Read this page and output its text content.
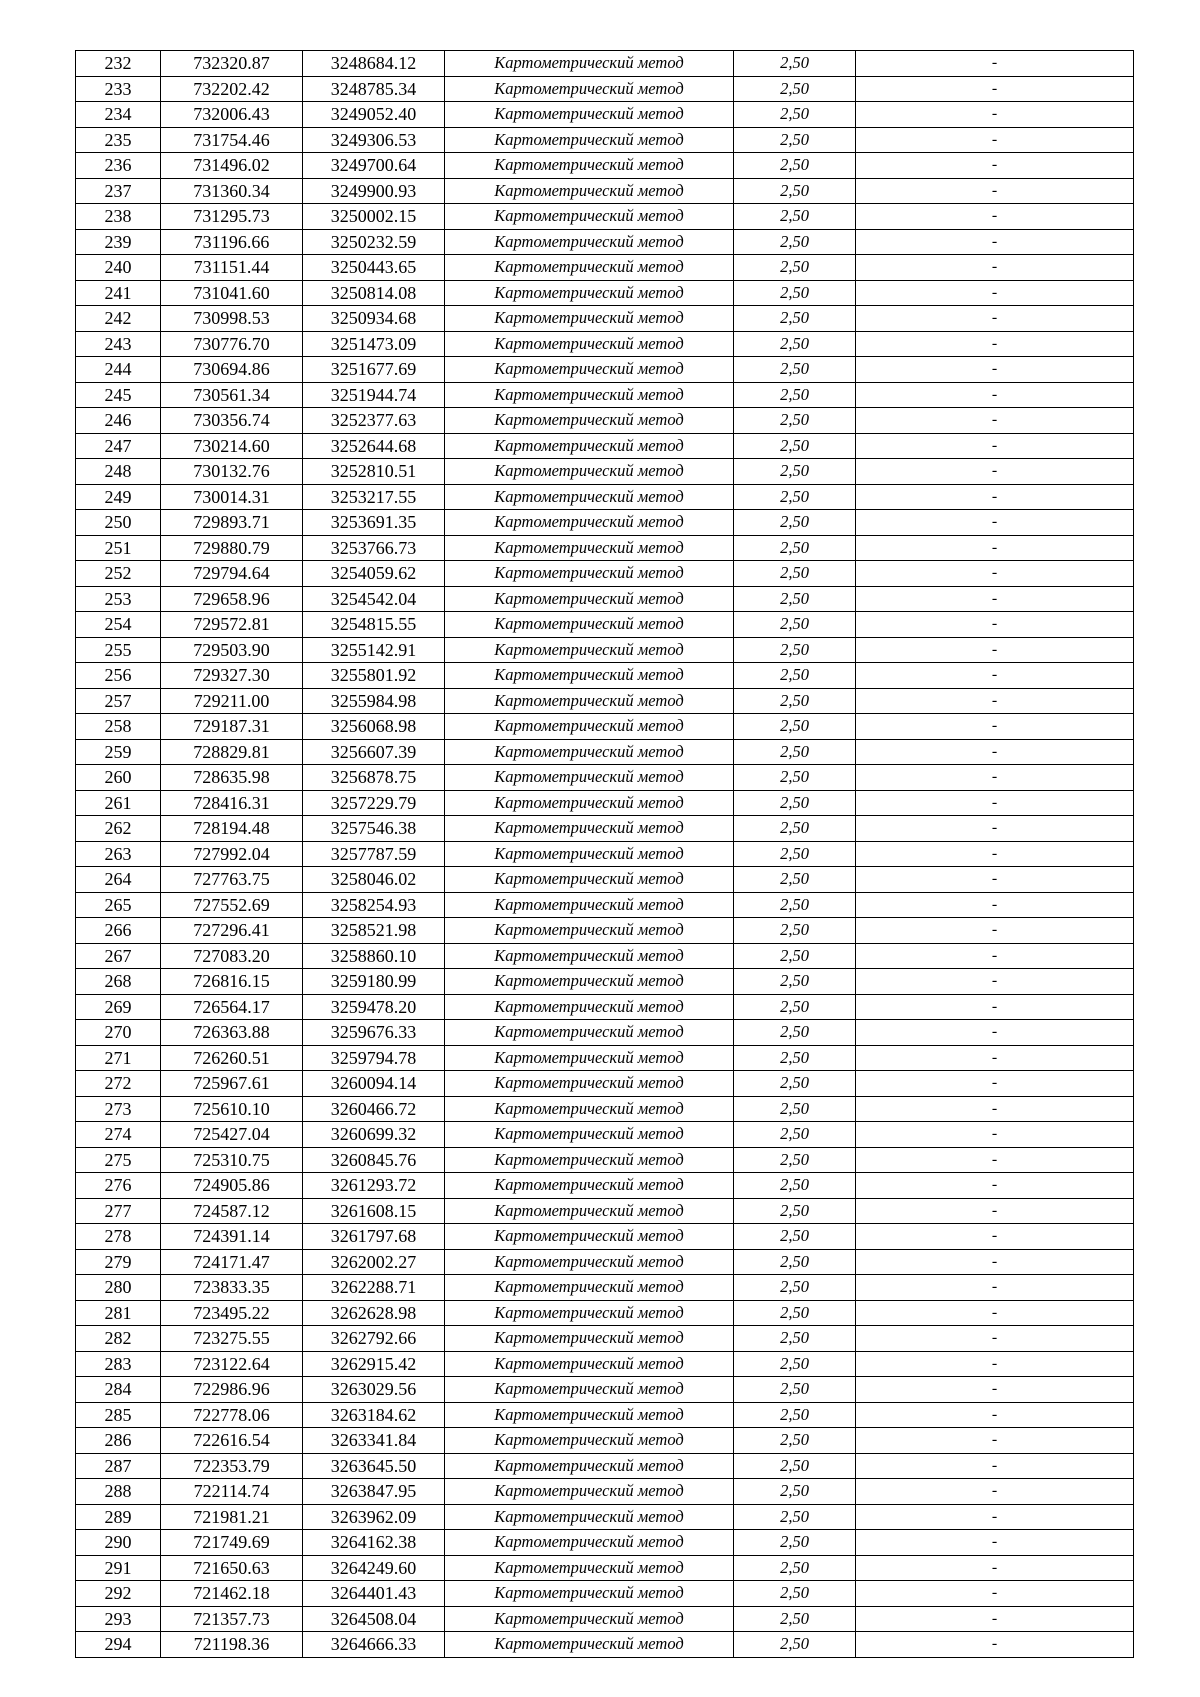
232	732320.87	3248684.12	Картометрический метод	2,50	-
233	732202.42	3248785.34	Картометрический метод	2,50	-
234	732006.43	3249052.40	Картометрический метод	2,50	-
235	731754.46	3249306.53	Картометрический метод	2,50	-
236	731496.02	3249700.64	Картометрический метод	2,50	-
237	731360.34	3249900.93	Картометрический метод	2,50	-
238	731295.73	3250002.15	Картометрический метод	2,50	-
239	731196.66	3250232.59	Картометрический метод	2,50	-
240	731151.44	3250443.65	Картометрический метод	2,50	-
241	731041.60	3250814.08	Картометрический метод	2,50	-
242	730998.53	3250934.68	Картометрический метод	2,50	-
243	730776.70	3251473.09	Картометрический метод	2,50	-
244	730694.86	3251677.69	Картометрический метод	2,50	-
245	730561.34	3251944.74	Картометрический метод	2,50	-
246	730356.74	3252377.63	Картометрический метод	2,50	-
247	730214.60	3252644.68	Картометрический метод	2,50	-
248	730132.76	3252810.51	Картометрический метод	2,50	-
249	730014.31	3253217.55	Картометрический метод	2,50	-
250	729893.71	3253691.35	Картометрический метод	2,50	-
251	729880.79	3253766.73	Картометрический метод	2,50	-
252	729794.64	3254059.62	Картометрический метод	2,50	-
253	729658.96	3254542.04	Картометрический метод	2,50	-
254	729572.81	3254815.55	Картометрический метод	2,50	-
255	729503.90	3255142.91	Картометрический метод	2,50	-
256	729327.30	3255801.92	Картометрический метод	2,50	-
257	729211.00	3255984.98	Картометрический метод	2,50	-
258	729187.31	3256068.98	Картометрический метод	2,50	-
259	728829.81	3256607.39	Картометрический метод	2,50	-
260	728635.98	3256878.75	Картометрический метод	2,50	-
261	728416.31	3257229.79	Картометрический метод	2,50	-
262	728194.48	3257546.38	Картометрический метод	2,50	-
263	727992.04	3257787.59	Картометрический метод	2,50	-
264	727763.75	3258046.02	Картометрический метод	2,50	-
265	727552.69	3258254.93	Картометрический метод	2,50	-
266	727296.41	3258521.98	Картометрический метод	2,50	-
267	727083.20	3258860.10	Картометрический метод	2,50	-
268	726816.15	3259180.99	Картометрический метод	2,50	-
269	726564.17	3259478.20	Картометрический метод	2,50	-
270	726363.88	3259676.33	Картометрический метод	2,50	-
271	726260.51	3259794.78	Картометрический метод	2,50	-
272	725967.61	3260094.14	Картометрический метод	2,50	-
273	725610.10	3260466.72	Картометрический метод	2,50	-
274	725427.04	3260699.32	Картометрический метод	2,50	-
275	725310.75	3260845.76	Картометрический метод	2,50	-
276	724905.86	3261293.72	Картометрический метод	2,50	-
277	724587.12	3261608.15	Картометрический метод	2,50	-
278	724391.14	3261797.68	Картометрический метод	2,50	-
279	724171.47	3262002.27	Картометрический метод	2,50	-
280	723833.35	3262288.71	Картометрический метод	2,50	-
281	723495.22	3262628.98	Картометрический метод	2,50	-
282	723275.55	3262792.66	Картометрический метод	2,50	-
283	723122.64	3262915.42	Картометрический метод	2,50	-
284	722986.96	3263029.56	Картометрический метод	2,50	-
285	722778.06	3263184.62	Картометрический метод	2,50	-
286	722616.54	3263341.84	Картометрический метод	2,50	-
287	722353.79	3263645.50	Картометрический метод	2,50	-
288	722114.74	3263847.95	Картометрический метод	2,50	-
289	721981.21	3263962.09	Картометрический метод	2,50	-
290	721749.69	3264162.38	Картометрический метод	2,50	-
291	721650.63	3264249.60	Картометрический метод	2,50	-
292	721462.18	3264401.43	Картометрический метод	2,50	-
293	721357.73	3264508.04	Картометрический метод	2,50	-
294	721198.36	3264666.33	Картометрический метод	2,50	-
